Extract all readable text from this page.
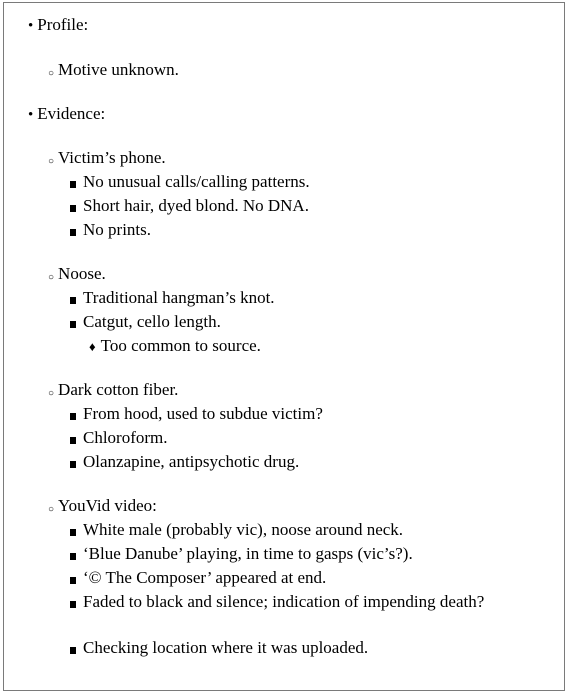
• Profile:
○ Motive unknown.
• Evidence:
○ Victim’s phone.
No unusual calls/calling patterns.
Short hair, dyed blond. No DNA.
No prints.
○ Noose.
Traditional hangman’s knot.
Catgut, cello length.
♦ Too common to source.
○ Dark cotton fiber.
From hood, used to subdue victim?
Chloroform.
Olanzapine, antipsychotic drug.
○ YouVid video:
White male (probably vic), noose around neck.
‘Blue Danube’ playing, in time to gasps (vic’s?).
‘© The Composer’ appeared at end.
Faded to black and silence; indication of impending death?
Checking location where it was uploaded.
